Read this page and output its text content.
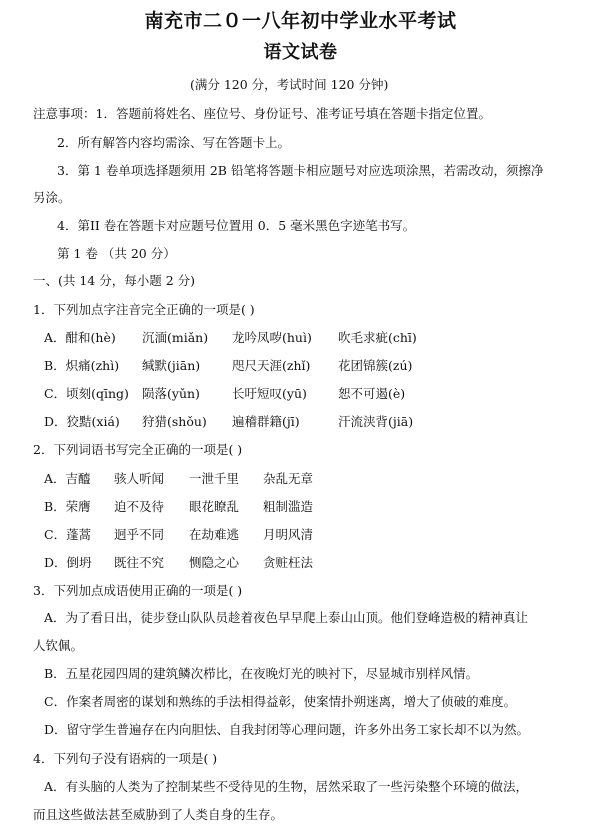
南充市二０一八年初中学业水平考试
语文试卷
(满分 120 分，考试时间 120 分钟)
注意事项：1．答题前将姓名、座位号、身份证号、准考证号填在答题卡指定位置。
2．所有解答内容均需涂、写在答题卡上。
3．第 1 卷单项选择题须用 2B 铅笔将答题卡相应题号对应选项涂黑，若需改动，须擦净
另涂。
4．第II 卷在答题卡对应题号位置用 0．5 毫米黑色字迹笔书写。
第 1 卷 （共 20 分）
一、(共 14 分，每小题 2 分)
1．下列加点字注音完全正确的一项是( )
A．酣和(hè) 沉湎(miǎn) 龙吟凤哕(huì) 吹毛求疵(chī)
B．炽痛(zhì) 缄默(jiān)	咫尺天涯(zhǐ) 花团锦簇(zú)
C．顷刻(qīng) 陨落(yǔn)	长吁短叹(yū) 恕不可遏(è)
D．狡黠(xiá) 狩猎(shǒu) 遍稽群籍(jī)	汗流浃背(jiā)
2．下列词语书写完全正确的一项是( )
A．吉醯 骇人听闻 一泄千里 杂乱无章
B．荣膺 迫不及待 眼花瞭乱 粗制滥造
C．蓬蒿 迥乎不同 在劫难逃 月明风清
D．倒坍 既往不究 恻隐之心 贪赃枉法
3．下列加点成语使用正确的一项是( )
A．为了看日出，徒步登山队队员趁着夜色早早爬上泰山山顶。他们登峰造极的精神真让
人钦佩。
B．五星花园四周的建筑鳞次栉比，在夜晚灯光的映衬下，尽显城市别样风情。
C．作案者周密的谋划和熟练的手法相得益彰，使案情扑朔迷离，增大了侦破的难度。
D．留守学生普遍存在内向胆怯、自我封闭等心理问题，许多外出务工家长却不以为然。
4．下列句子没有语病的一项是( )
A．有头脑的人类为了控制某些不受待见的生物，居然采取了一些污染整个环境的做法，
而且这些做法甚至威胁到了人类自身的生存。
